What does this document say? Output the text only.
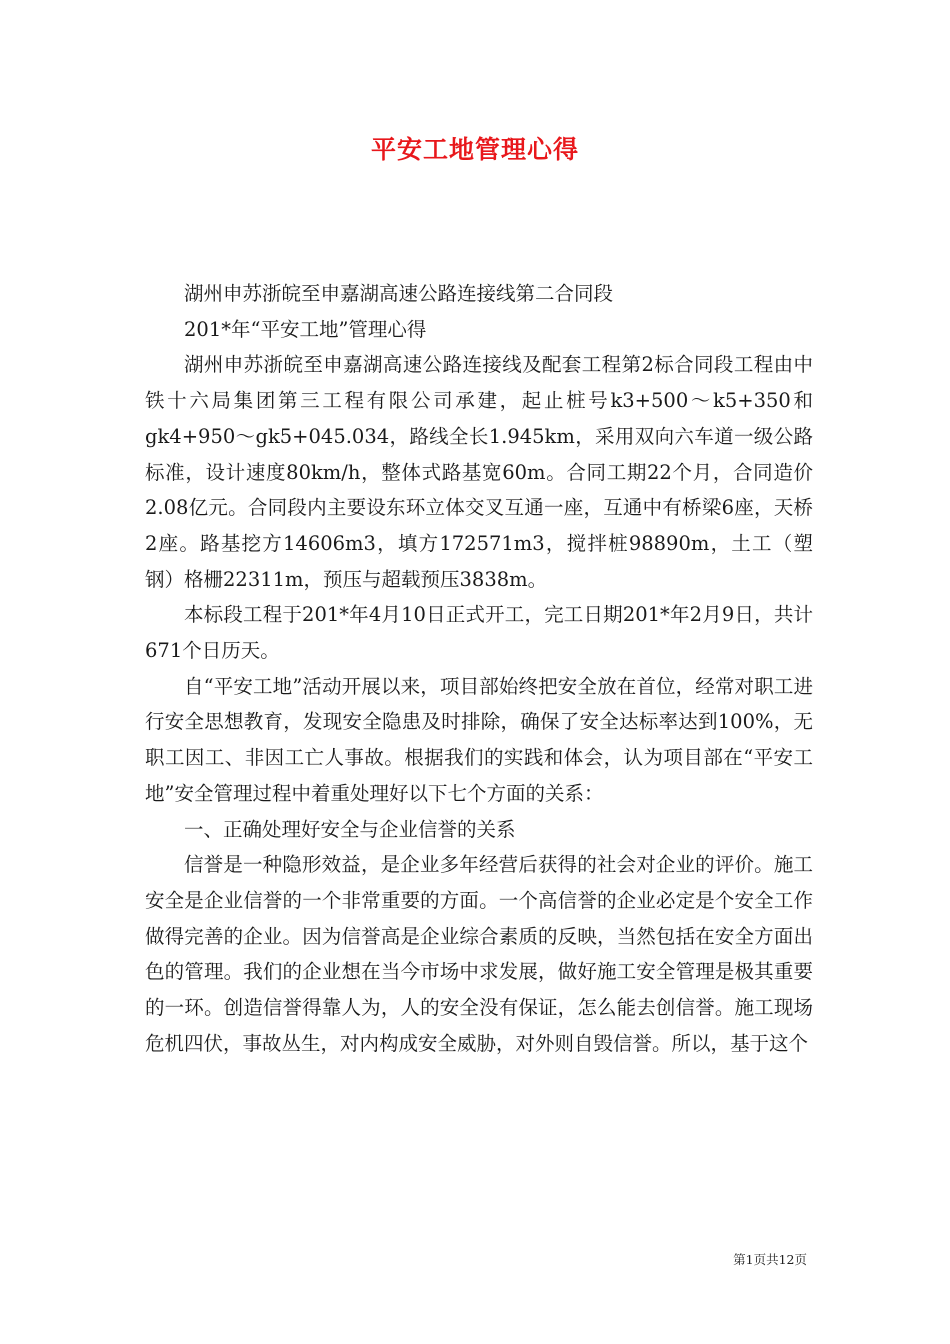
平安工地管理心得

湖州申苏浙皖至申嘉湖高速公路连接线第二合同段

201*年“平安工地”管理心得

湖州申苏浙皖至申嘉湖高速公路连接线及配套工程第2标合同段工程由中铁十六局集团第三工程有限公司承建，起止桩号k3+500～k5+350和gk4+950～gk5+045.034，路线全长1.945km，采用双向六车道一级公路标准，设计速度80km/h，整体式路基宽60m。合同工期22个月，合同造价2.08亿元。合同段内主要设东环立体交叉互通一座，互通中有桥梁6座，天桥2座。路基挖方14606m3，填方172571m3，搅拌桩98890m，土工（塑钢）格栅22311m，预压与超载预压3838m。

本标段工程于201*年4月10日正式开工，完工日期201*年2月9日，共计671个日历天。

自“平安工地”活动开展以来，项目部始终把安全放在首位，经常对职工进行安全思想教育，发现安全隐患及时排除，确保了安全达标率达到100%，无职工因工、非因工亡人事故。根据我们的实践和体会，认为项目部在“平安工地”安全管理过程中着重处理好以下七个方面的关系：

一、正确处理好安全与企业信誉的关系

信誉是一种隐形效益，是企业多年经营后获得的社会对企业的评价。施工安全是企业信誉的一个非常重要的方面。一个高信誉的企业必定是个安全工作做得完善的企业。因为信誉高是企业综合素质的反映，当然包括在安全方面出色的管理。我们的企业想在当今市场中求发展，做好施工安全管理是极其重要的一环。创造信誉得靠人为，人的安全没有保证，怎么能去创信誉。施工现场危机四伏，事故丛生，对内构成安全威胁，对外则自毁信誉。所以，基于这个

第1页共12页
